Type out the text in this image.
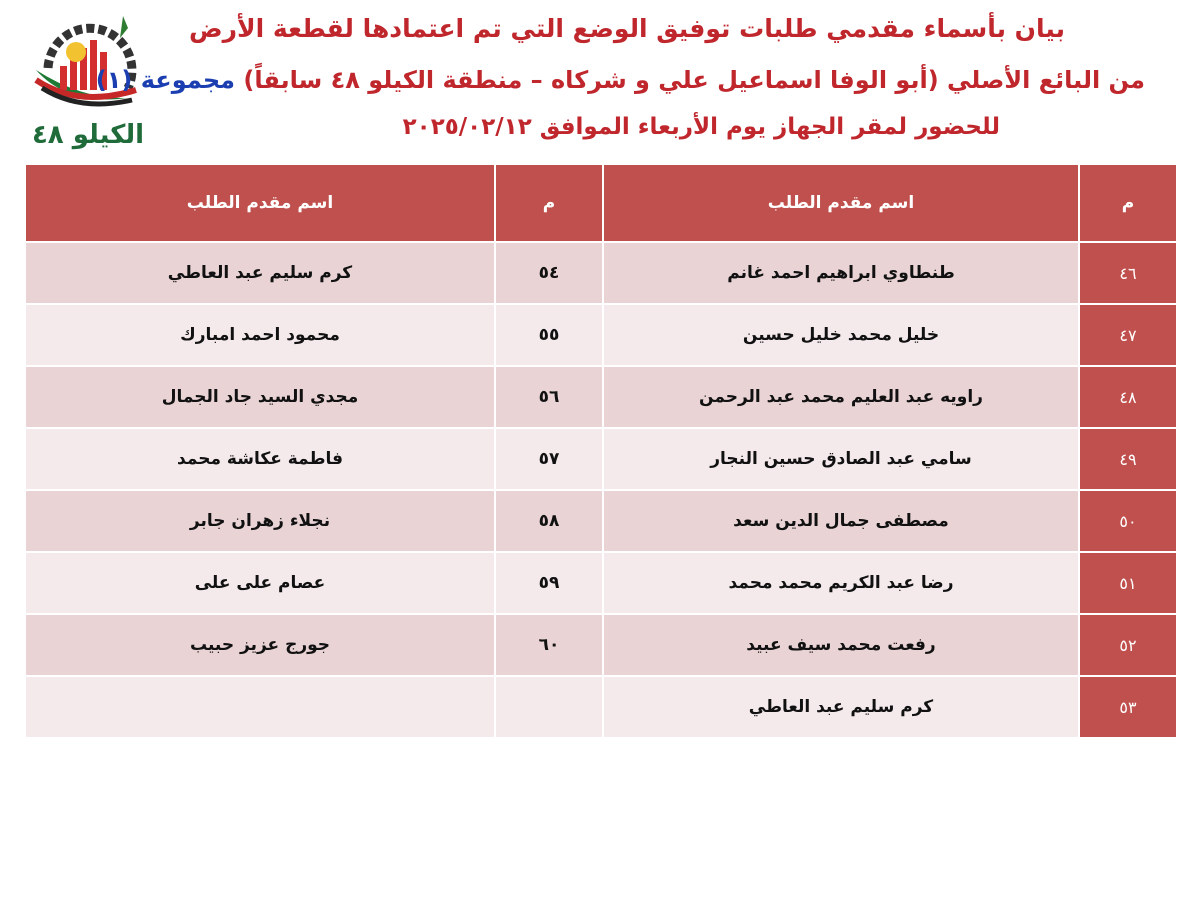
الكيلو ٤٨
بيان بأسماء مقدمي طلبات توفيق الوضع التي تم اعتمادها لقطعة الأرض
من البائع الأصلي (أبو الوفا اسماعيل علي و شركاه – منطقة الكيلو ٤٨ سابقاً) مجموعة (١)
للحضور لمقر الجهاز يوم الأربعاء الموافق ٢٠٢٥/٠٢/١٢
م	اسم مقدم الطلب	م	اسم مقدم الطلب
٤٦	طنطاوي ابراهيم احمد غانم	٥٤	كرم سليم عبد العاطي
٤٧	خليل محمد خليل حسين	٥٥	محمود احمد امبارك
٤٨	راويه عبد العليم محمد عبد الرحمن	٥٦	مجدي السيد جاد الجمال
٤٩	سامي عبد الصادق حسين النجار	٥٧	فاطمة عكاشة محمد
٥٠	مصطفى جمال الدين سعد	٥٨	نجلاء زهران جابر
٥١	رضا عبد الكريم محمد محمد	٥٩	عصام على على
٥٢	رفعت محمد سيف عبيد	٦٠	جورج عزيز حبيب
٥٣	كرم سليم عبد العاطي		
